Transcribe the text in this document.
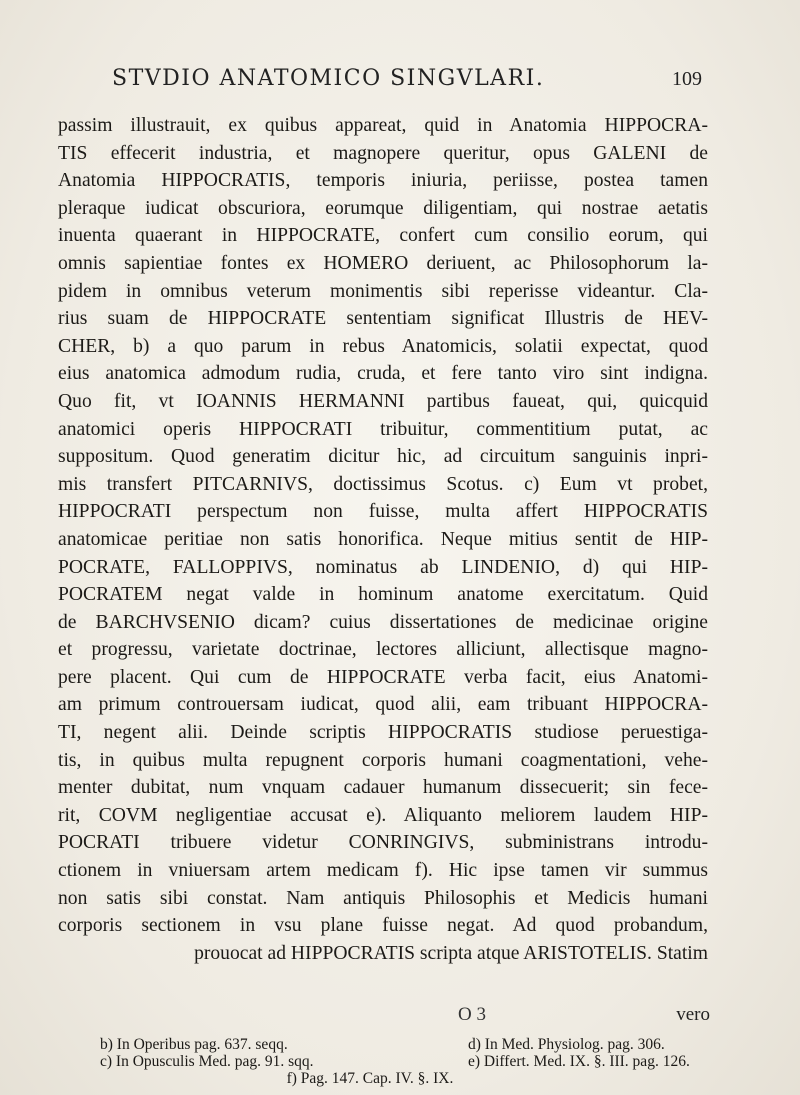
STVDIO ANATOMICO SINGVLARI.	109
passim illustrauit, ex quibus appareat, quid in Anatomia HIPPOCRA-
TIS effecerit industria, et magnopere queritur, opus GALENI de
Anatomia HIPPOCRATIS, temporis iniuria, periisse, postea tamen
pleraque iudicat obscuriora, eorumque diligentiam, qui nostrae aetatis
inuenta quaerant in HIPPOCRATE, confert cum consilio eorum, qui
omnis sapientiae fontes ex HOMERO deriuent, ac Philosophorum la-
pidem in omnibus veterum monimentis sibi reperisse videantur. Cla-
rius suam de HIPPOCRATE sententiam significat Illustris de HEV-
CHER, b) a quo parum in rebus Anatomicis, solatii expectat, quod
eius anatomica admodum rudia, cruda, et fere tanto viro sint indigna.
Quo fit, vt IOANNIS HERMANNI partibus faueat, qui, quicquid
anatomici operis HIPPOCRATI tribuitur, commentitium putat, ac
suppositum. Quod generatim dicitur hic, ad circuitum sanguinis inpri-
mis transfert PITCARNIVS, doctissimus Scotus. c) Eum vt probet,
HIPPOCRATI perspectum non fuisse, multa affert HIPPOCRATIS
anatomicae peritiae non satis honorifica. Neque mitius sentit de HIP-
POCRATE, FALLOPPIVS, nominatus ab LINDENIO, d) qui HIP-
POCRATEM negat valde in hominum anatome exercitatum. Quid
de BARCHVSENIO dicam? cuius dissertationes de medicinae origine
et progressu, varietate doctrinae, lectores alliciunt, allectisque magno-
pere placent. Qui cum de HIPPOCRATE verba facit, eius Anatomi-
am primum controuersam iudicat, quod alii, eam tribuant HIPPOCRA-
TI, negent alii. Deinde scriptis HIPPOCRATIS studiose peruestiga-
tis, in quibus multa repugnent corporis humani coagmentationi, vehe-
menter dubitat, num vnquam cadauer humanum dissecuerit; sin fece-
rit, COVM negligentiae accusat e). Aliquanto meliorem laudem HIP-
POCRATI tribuere videtur CONRINGIVS, subministrans introdu-
ctionem in vniuersam artem medicam f). Hic ipse tamen vir summus
non satis sibi constat. Nam antiquis Philosophis et Medicis humani
corporis sectionem in vsu plane fuisse negat. Ad quod probandum,
prouocat ad HIPPOCRATIS scripta atque ARISTOTELIS. Statim
O 3	vero
b) In Operibus pag. 637. seqq.	d) In Med. Physiolog. pag. 306.
c) In Opusculis Med. pag. 91. sqq.	e) Differt. Med. IX. §. III. pag. 126.
f) Pag. 147. Cap. IV. §. IX.
